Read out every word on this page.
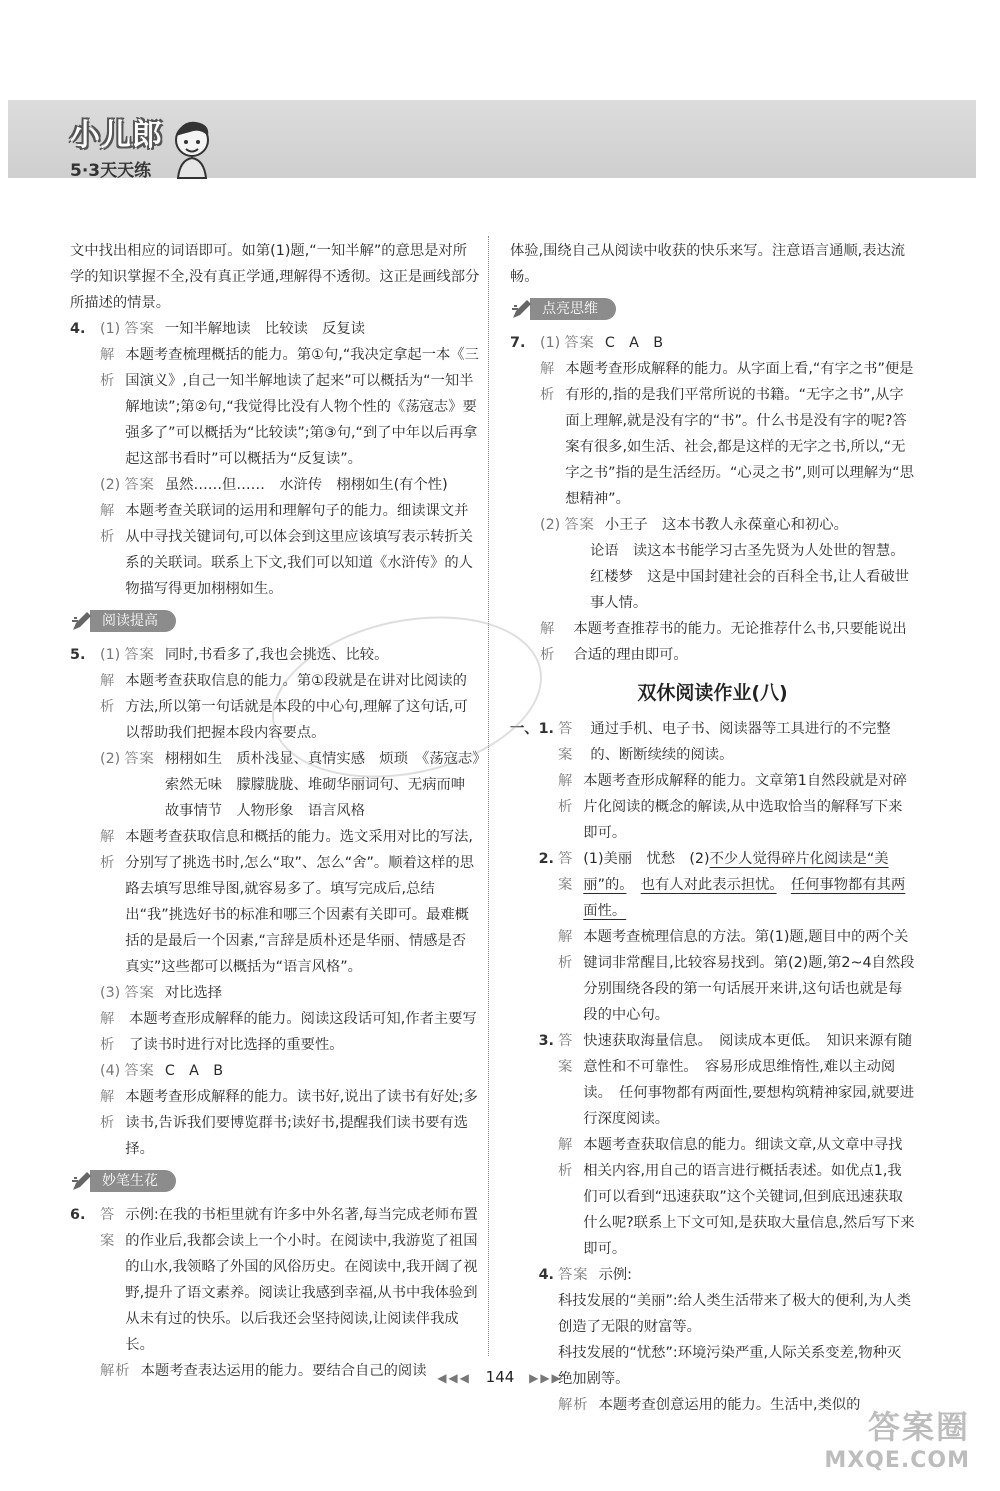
小儿郎
5·3天天练
文中找出相应的词语即可。如第(1)题,“一知半解”的意思是对所学的知识掌握不全,没有真正学通,理解得不透彻。这正是画线部分所描述的情景。
4.	(1) 答案 一知半解地读　比较读　反复读
解析
本题考查梳理概括的能力。第①句,“我决定拿起一本《三国演义》,自己一知半解地读了起来”可以概括为“一知半解地读”;第②句,“我觉得比没有人物个性的《荡寇志》要强多了”可以概括为“比较读”;第③句,“到了中年以后再拿起这部书看时”可以概括为“反复读”。
(2) 答案 虽然……但……　水浒传　栩栩如生(有个性)
解析
本题考查关联词的运用和理解句子的能力。细读课文并从中寻找关键词句,可以体会到这里应该填写表示转折关系的关联词。联系上下文,我们可以知道《水浒传》的人物描写得更加栩栩如生。
阅读提高
5.	(1) 答案 同时,书看多了,我也会挑选、比较。
解析
本题考查获取信息的能力。第①段就是在讲对比阅读的方法,所以第一句话就是本段的中心句,理解了这句话,可以帮助我们把握本段内容要点。
(2) 答案 栩栩如生　质朴浅显、真情实感　烦琐　《荡寇志》　索然无味　朦朦胧胧、堆砌华丽词句、无病而呻　故事情节　人物形象　语言风格
解析
本题考查获取信息和概括的能力。选文采用对比的写法,分别写了挑选书时,怎么“取”、怎么“舍”。顺着这样的思路去填写思维导图,就容易多了。填写完成后,总结出“我”挑选好书的标准和哪三个因素有关即可。最难概括的是最后一个因素,“言辞是质朴还是华丽、情感是否真实”这些都可以概括为“语言风格”。
(3) 答案 对比选择
解析
本题考查形成解释的能力。阅读这段话可知,作者主要写了读书时进行对比选择的重要性。
(4) 答案 C　A　B
解析
本题考查形成解释的能力。读书好,说出了读书有好处;多读书,告诉我们要博览群书;读好书,提醒我们读书要有选择。
妙笔生花
6.	答案
示例:在我的书柜里就有许多中外名著,每当完成老师布置的作业后,我都会读上一个小时。在阅读中,我游览了祖国的山水,我领略了外国的风俗历史。在阅读中,我开阔了视野,提升了语文素养。阅读让我感到幸福,从书中我体验到从未有过的快乐。以后我还会坚持阅读,让阅读伴我成长。
解析 本题考查表达运用的能力。要结合自己的阅读
体验,围绕自己从阅读中收获的快乐来写。注意语言通顺,表达流畅。
点亮思维
7.	(1) 答案 C　A　B
解析
本题考查形成解释的能力。从字面上看,“有字之书”便是有形的,指的是我们平常所说的书籍。“无字之书”,从字面上理解,就是没有字的“书”。什么书是没有字的呢?答案有很多,如生活、社会,都是这样的无字之书,所以,“无字之书”指的是生活经历。“心灵之书”,则可以理解为“思想精神”。
(2) 答案 小王子　这本书教人永葆童心和初心。
论语　读这本书能学习古圣先贤为人处世的智慧。
红楼梦　这是中国封建社会的百科全书,让人看破世事人情。
解析
本题考查推荐书的能力。无论推荐什么书,只要能说出合适的理由即可。
双休阅读作业(八)
一、1. 答案
通过手机、电子书、阅读器等工具进行的不完整的、断断续续的阅读。
解析
本题考查形成解释的能力。文章第1自然段就是对碎片化阅读的概念的解读,从中选取恰当的解释写下来即可。
2. 答案
(1)美丽　忧愁　(2)不少人觉得碎片化阅读是“美丽”的。　 也有人对此表示担忧。　 任何事物都有其两面性。
解析
本题考查梳理信息的方法。第(1)题,题目中的两个关键词非常醒目,比较容易找到。第(2)题,第2~4自然段分别围绕各段的第一句话展开来讲,这句话也就是每段的中心句。
3. 答案
快速获取海量信息。　阅读成本更低。　知识来源有随意性和不可靠性。　容易形成思维惰性,难以主动阅读。　任何事物都有两面性,要想构筑精神家园,就要进行深度阅读。
解析
本题考查获取信息的能力。细读文章,从文章中寻找相关内容,用自己的语言进行概括表述。如优点1,我们可以看到“迅速获取”这个关键词,但到底迅速获取什么呢?联系上下文可知,是获取大量信息,然后写下来即可。
4. 答案 示例:
科技发展的“美丽”:给人类生活带来了极大的便利,为人类创造了无限的财富等。
科技发展的“忧愁”:环境污染严重,人际关系变差,物种灭绝加剧等。
解析 本题考查创意运用的能力。生活中,类似的
◀◀◀ 144 ▶▶▶
答案圈
MXQE.COM
